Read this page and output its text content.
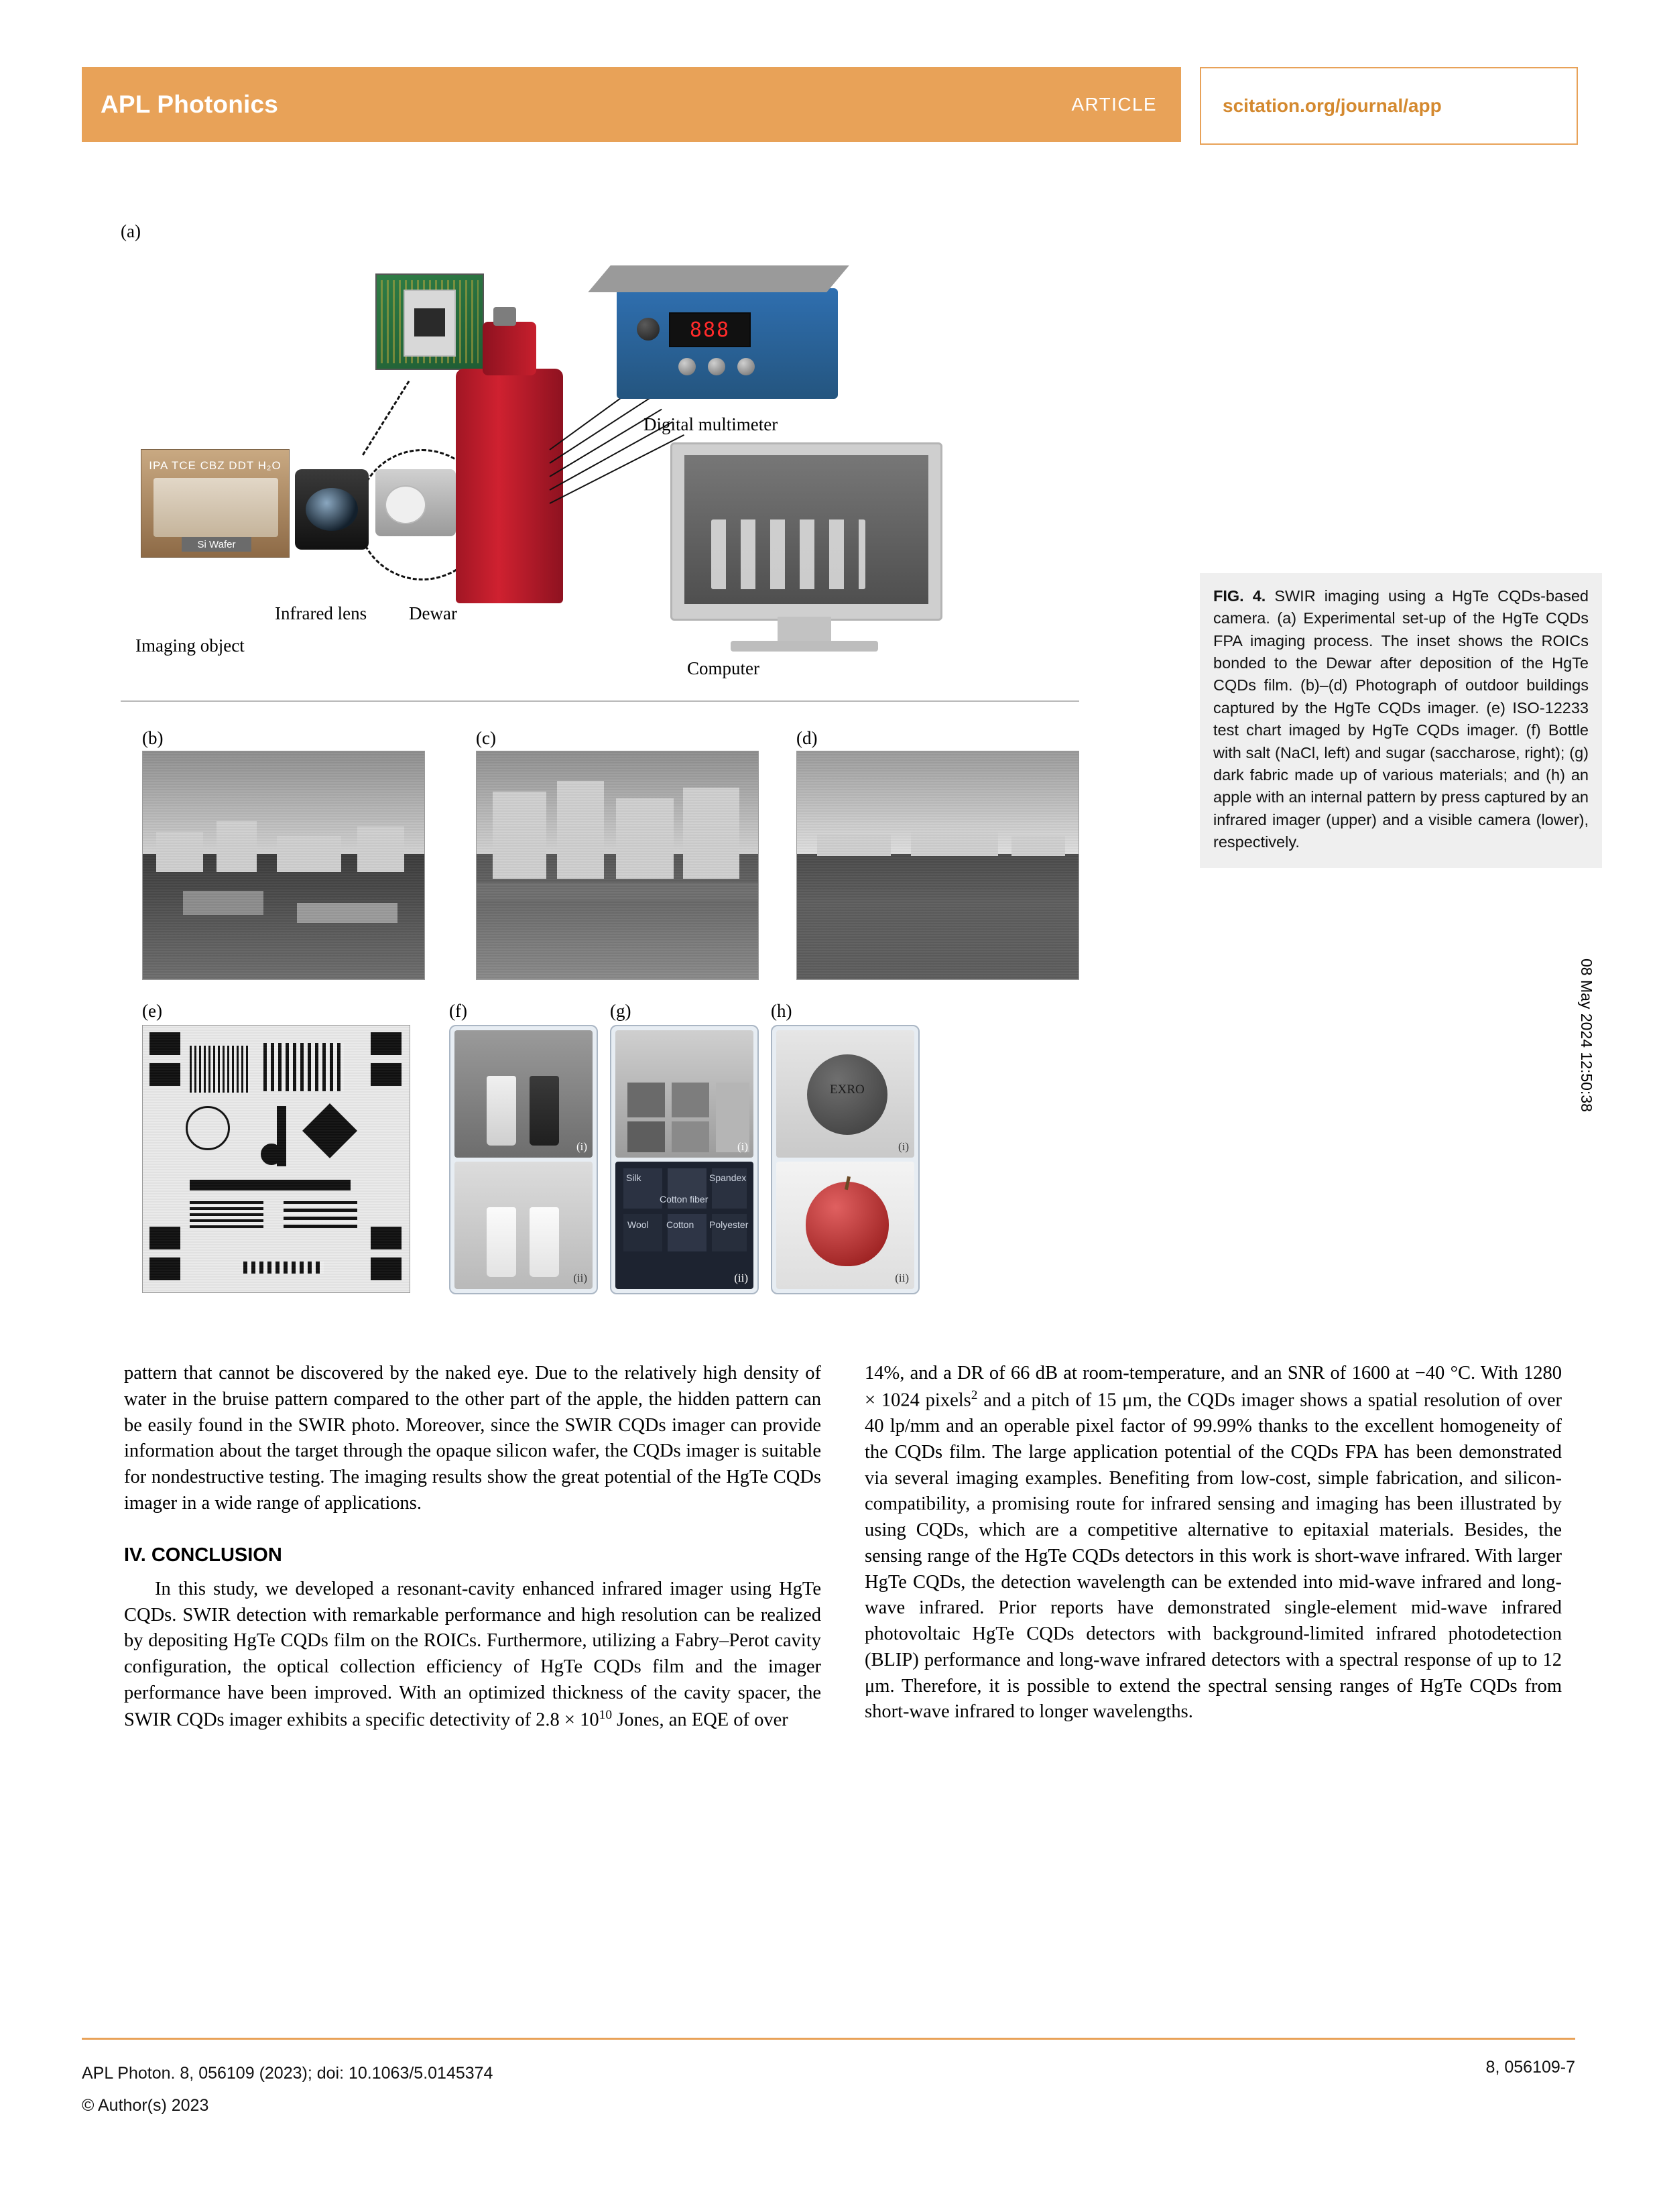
APL Photonics	ARTICLE	scitation.org/journal/app
08 May 2024 12:50:38
(a)
IPA TCE CBZ DDT H₂O
Si Wafer
888
Digital multimeter
Computer
Dewar
Infrared lens
Imaging object
(b)	(c)	(d)
(e)	(f)	(g)	(h)
(i)
(ii)
(i)
Silk	Spandex
Cotton fiber
Wool Cotton Polyester
(ii)
EXRO
(i)
(ii)
FIG. 4. SWIR imaging using a HgTe CQDs-based camera. (a) Experimental set-up of the HgTe CQDs FPA imaging process. The inset shows the ROICs bonded to the Dewar after deposition of the HgTe CQDs film. (b)–(d) Photograph of outdoor buildings captured by the HgTe CQDs imager. (e) ISO-12233 test chart imaged by HgTe CQDs imager. (f) Bottle with salt (NaCl, left) and sugar (saccharose, right); (g) dark fabric made up of various materials; and (h) an apple with an internal pattern by press captured by an infrared imager (upper) and a visible camera (lower), respectively.

pattern that cannot be discovered by the naked eye. Due to the relatively high density of water in the bruise pattern compared to the other part of the apple, the hidden pattern can be easily found in the SWIR photo. Moreover, since the SWIR CQDs imager can provide information about the target through the opaque silicon wafer, the CQDs imager is suitable for nondestructive testing. The imaging results show the great potential of the HgTe CQDs imager in a wide range of applications.

IV. CONCLUSION

In this study, we developed a resonant-cavity enhanced infrared imager using HgTe CQDs. SWIR detection with remarkable performance and high resolution can be realized by depositing HgTe CQDs film on the ROICs. Furthermore, utilizing a Fabry–Perot cavity configuration, the optical collection efficiency of HgTe CQDs film and the imager performance have been improved. With an optimized thickness of the cavity spacer, the SWIR CQDs imager exhibits a specific detectivity of $2.8 \times 10^{10}$ Jones, an EQE of over

14%, and a DR of 66 dB at room-temperature, and an SNR of 1600 at −40 °C. With 1280 × 1024 pixels$^2$ and a pitch of 15 μm, the CQDs imager shows a spatial resolution of over 40 lp/mm and an operable pixel factor of 99.99% thanks to the excellent homogeneity of the CQDs film. The large application potential of the CQDs FPA has been demonstrated via several imaging examples. Benefiting from low-cost, simple fabrication, and silicon-compatibility, a promising route for infrared sensing and imaging has been illustrated by using CQDs, which are a competitive alternative to epitaxial materials. Besides, the sensing range of the HgTe CQDs detectors in this work is short-wave infrared. With larger HgTe CQDs, the detection wavelength can be extended into mid-wave infrared and long-wave infrared. Prior reports have demonstrated single-element mid-wave infrared photovoltaic HgTe CQDs detectors with background-limited infrared photodetection (BLIP) performance and long-wave infrared detectors with a spectral response of up to 12 μm. Therefore, it is possible to extend the spectral sensing ranges of HgTe CQDs from short-wave infrared to longer wavelengths.

APL Photon. 8, 056109 (2023); doi: 10.1063/5.0145374
© Author(s) 2023
8, 056109-7
